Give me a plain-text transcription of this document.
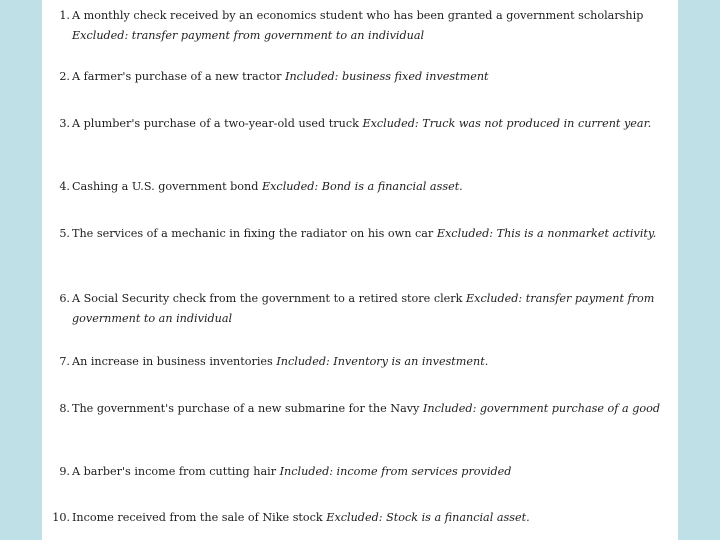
1. A monthly check received by an economics student who has been granted a government scholarship Excluded: transfer payment from government to an individual
2. A farmer's purchase of a new tractor Included: business fixed investment
3. A plumber's purchase of a two-year-old used truck Excluded: Truck was not produced in current year.
4. Cashing a U.S. government bond Excluded: Bond is a financial asset.
5. The services of a mechanic in fixing the radiator on his own car Excluded: This is a nonmarket activity.
6. A Social Security check from the government to a retired store clerk Excluded: transfer payment from government to an individual
7. An increase in business inventories Included: Inventory is an investment.
8. The government's purchase of a new submarine for the Navy Included: government purchase of a good
9. A barber's income from cutting hair Included: income from services provided
10. Income received from the sale of Nike stock Excluded: Stock is a financial asset.
